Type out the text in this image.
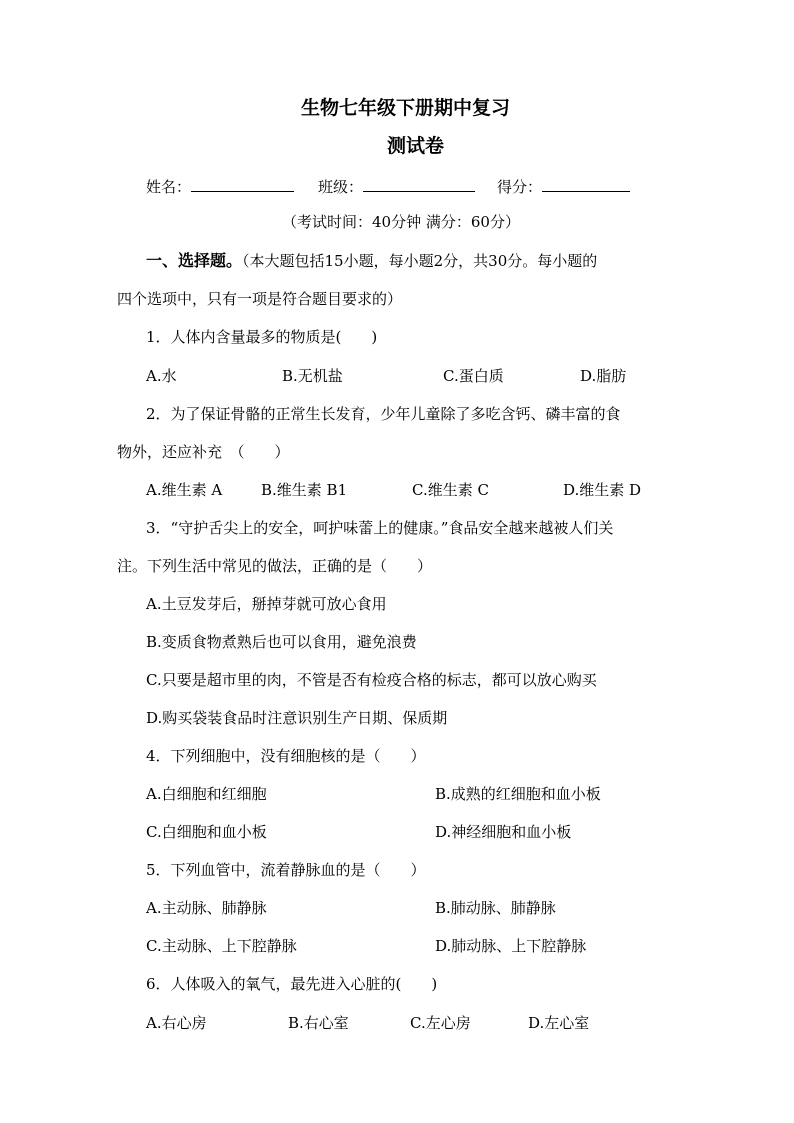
生物七年级下册期中复习
测试卷
姓名：	班级：	得分：
（考试时间：40分钟 满分：60分）
一、选择题。（本大题包括15小题，每小题2分，共30分。每小题的
四个选项中，只有一项是符合题目要求的）
1．人体内含量最多的物质是(　　)
A.水	B.无机盐	C.蛋白质	D.脂肪
2．为了保证骨骼的正常生长发育，少年儿童除了多吃含钙、磷丰富的食
物外，还应补充　（　　）
A.维生素 A	B.维生素 B1	C.维生素 C	D.维生素 D
3．“守护舌尖上的安全，呵护味蕾上的健康。”食品安全越来越被人们关
注。下列生活中常见的做法，正确的是（　　）
A.土豆发芽后，掰掉芽就可放心食用
B.变质食物煮熟后也可以食用，避免浪费
C.只要是超市里的肉，不管是否有检疫合格的标志，都可以放心购买
D.购买袋装食品时注意识别生产日期、保质期
4．下列细胞中，没有细胞核的是（　　）
A.白细胞和红细胞	B.成熟的红细胞和血小板
C.白细胞和血小板	D.神经细胞和血小板
5．下列血管中，流着静脉血的是（　　）
A.主动脉、肺静脉	B.肺动脉、肺静脉
C.主动脉、上下腔静脉	D.肺动脉、上下腔静脉
6．人体吸入的氧气，最先进入心脏的(　　)
A.右心房	B.右心室	C.左心房	D.左心室
